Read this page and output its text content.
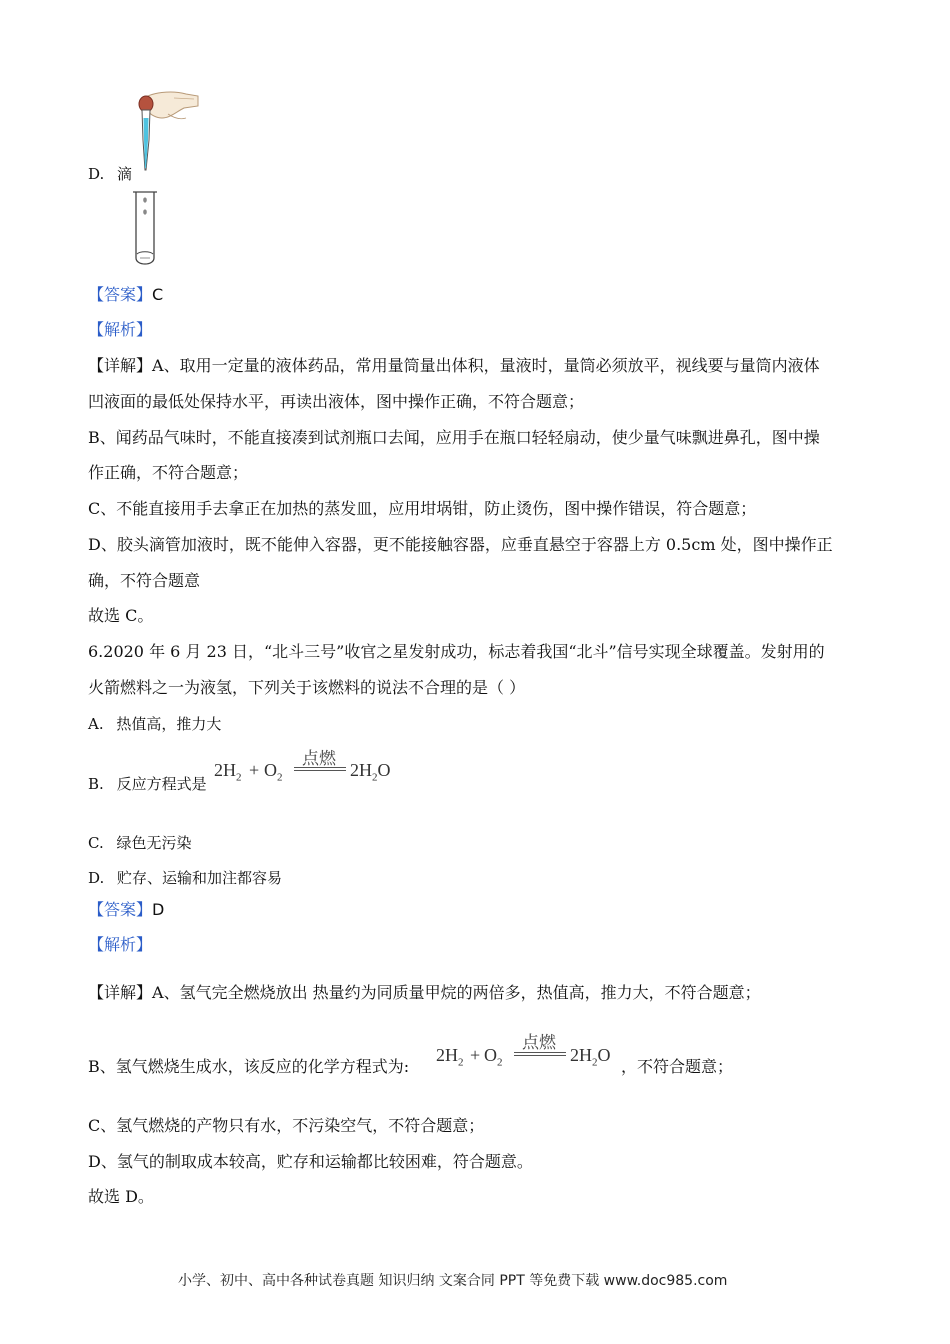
D. 滴
【答案】C
【解析】
【详解】A、取用一定量的液体药品，常用量筒量出体积，量液时，量筒必须放平，视线要与量筒内液体
凹液面的最低处保持水平，再读出液体，图中操作正确，不符合题意；
B、闻药品气味时，不能直接凑到试剂瓶口去闻，应用手在瓶口轻轻扇动，使少量气味飘进鼻孔，图中操
作正确，不符合题意；
C、不能直接用手去拿正在加热的蒸发皿，应用坩埚钳，防止烫伤，图中操作错误，符合题意；
D、胶头滴管加液时，既不能伸入容器，更不能接触容器，应垂直悬空于容器上方 0.5cm 处，图中操作正
确，不符合题意
故选 C。
6.2020 年 6 月 23 日，“北斗三号”收官之星发射成功，标志着我国“北斗”信号实现全球覆盖。发射用的
火箭燃料之一为液氢，下列关于该燃料的说法不合理的是（ ）
A. 热值高，推力大
B. 反应方程式是
点燃
$2H_2 + O_2$	$2H_2O$
C. 绿色无污染
D. 贮存、运输和加注都容易
【答案】D
【解析】
【详解】A、氢气完全燃烧放出 热量约为同质量甲烷的两倍多，热值高，推力大，不符合题意；
B、氢气燃烧生成水，该反应的化学方程式为:
点燃
$2H_2 + O_2$	$2H_2O$
，不符合题意；
C、氢气燃烧的产物只有水，不污染空气，不符合题意；
D、氢气的制取成本较高，贮存和运输都比较困难，符合题意。
故选 D。
小学、初中、高中各种试卷真题 知识归纳 文案合同 PPT 等免费下载 www.doc985.com
